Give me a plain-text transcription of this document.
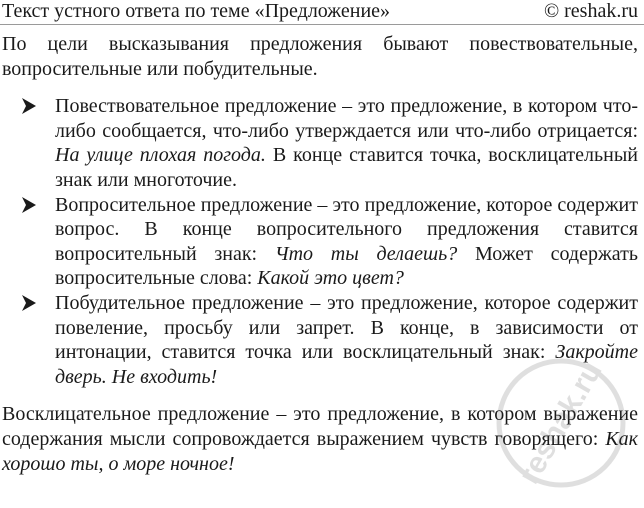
Текст устного ответа по теме «Предложение»	© reshak.ru

По цели высказывания предложения бывают повествовательные, вопросительные или побудительные.

Повествовательное предложение – это предложение, в котором что-либо сообщается, что-либо утверждается или что-либо отрицается: На улице плохая погода. В конце ставится точка, восклицательный знак или многоточие.
Вопросительное предложение – это предложение, которое содержит вопрос. В конце вопросительного предложения ставится вопросительный знак: Что ты делаешь? Может содержать вопросительные слова: Какой это цвет?
Побудительное предложение – это предложение, которое содержит повеление, просьбу или запрет. В конце, в зависимости от интонации, ставится точка или восклицательный знак: Закройте дверь. Не входить!

Восклицательное предложение – это предложение, в котором выражение содержания мысли сопровождается выражением чувств говорящего: Как хорошо ты, о море ночное!	reshak.ru
